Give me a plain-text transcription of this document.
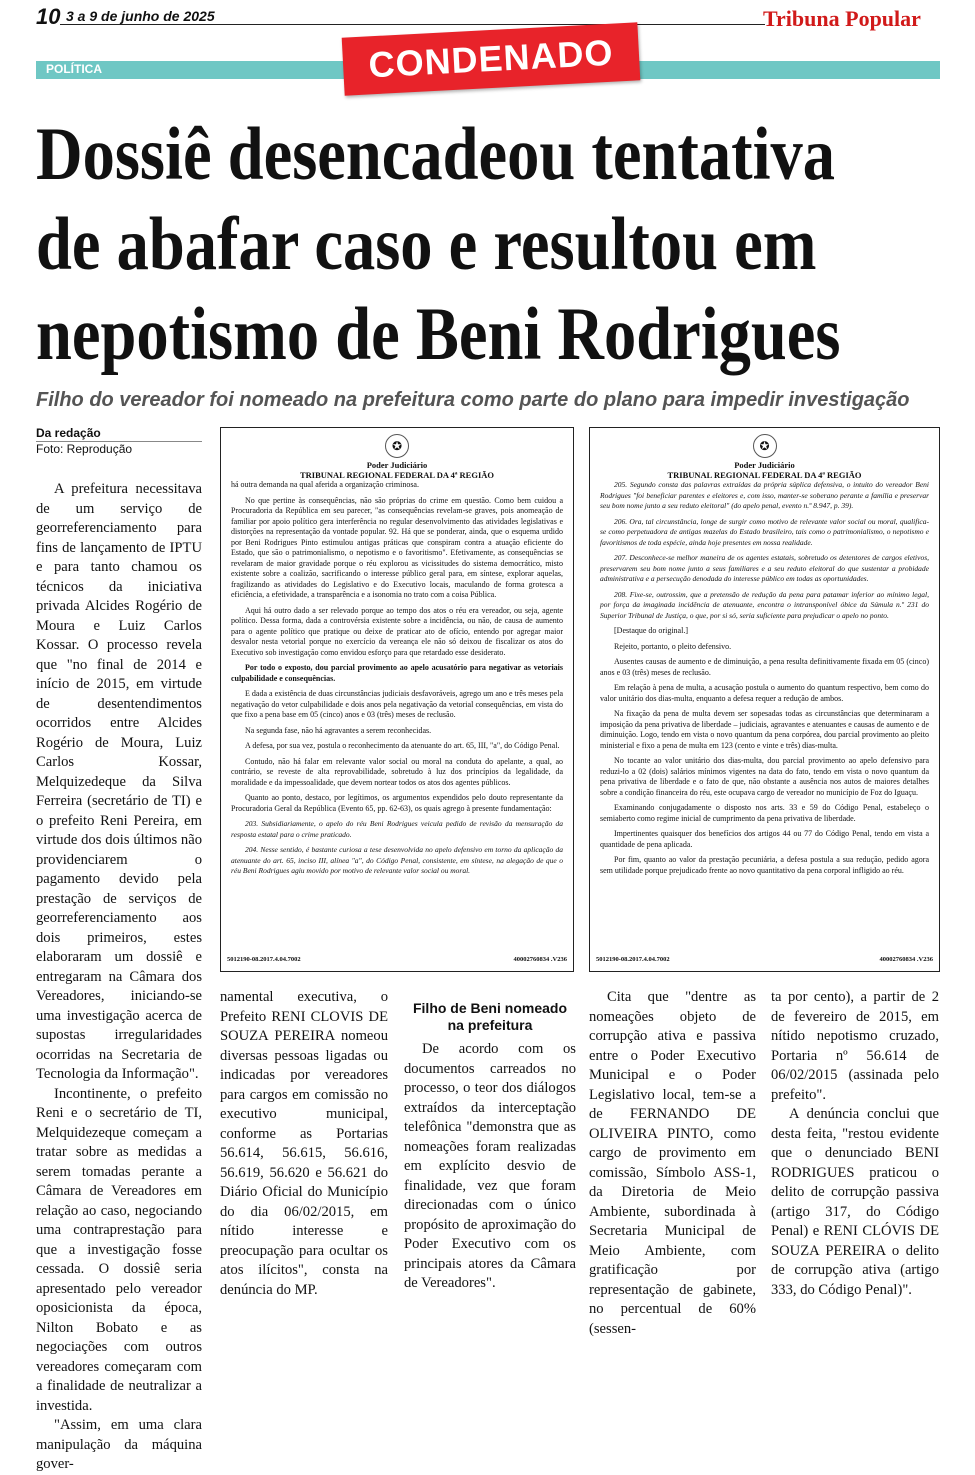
10 3 a 9 de junho de 2025	Tribuna Popular
POLÍTICA	CONDENADO
Dossiê desencadeou tentativa
de abafar caso e resultou em
nepotismo de Beni Rodrigues
Filho do vereador foi nomeado na prefeitura como parte do plano para impedir investigação
Da redação
Foto: Reprodução

A prefeitura necessitava de um serviço de georreferenciamento para fins de lançamento de IPTU e para tanto chamou os técnicos da iniciativa privada Alcides Rogério de Moura e Luiz Carlos Kossar. O processo revela que "no final de 2014 e início de 2015, em virtude de desentendimentos ocorridos entre Alcides Rogério de Moura, Luiz Carlos Kossar, Melquizedeque da Silva Ferreira (secretário de TI) e o prefeito Reni Pereira, em virtude dos dois últimos não providenciarem o pagamento devido pela prestação de serviços de georreferenciamento aos dois primeiros, estes elaboraram um dossiê e entregaram na Câmara dos Vereadores, iniciando-se uma investigação acerca de supostas irregularidades ocorridas na Secretaria de Tecnologia da Informação".

Incontinente, o prefeito Reni e o secretário de TI, Melquidezeque começam a tratar sobre as medidas a serem tomadas perante a Câmara de Vereadores em relação ao caso, negociando uma contraprestação para que a investigação fosse cessada. O dossiê seria apresentado pelo vereador oposicionista da época, Nilton Bobato e as negociações com outros vereadores começaram com a finalidade de neutralizar a investida.

"Assim, em uma clara manipulação da máquina gover-

✪
Poder Judiciário
TRIBUNAL REGIONAL FEDERAL DA 4ª REGIÃO

há outra demanda na qual aferida a organização criminosa.

No que pertine às consequências, não são próprias do crime em questão. Como bem cuidou a Procuradoria da República em seu parecer, "as consequências revelam-se graves, pois anomeação de familiar por apoio político gera interferência no regular desenvolvimento das atividades legislativas e distorções na representação da vontade popular. 92. Há que se ponderar, ainda, que o esquema urdido por Beni Rodrigues Pinto estimulou antigas práticas que conspiram contra a atuação eficiente do Estado, que são o patrimonialismo, o nepotismo e o favoritismo". Efetivamente, as consequências se revelaram de maior gravidade porque o réu explorou as vicissitudes do sistema democrático, misto existente sobre a coalizão, sacrificando o interesse público geral para, em síntese, explorar aquelas, fragilizando as atividades do Legislativo e do Executivo locais, maculando de forma grotesca a eficiência, a efetividade, a transparência e a isonomia no trato com a coisa Pública.

Aqui há outro dado a ser relevado porque ao tempo dos atos o réu era vereador, ou seja, agente político. Dessa forma, dada a controvérsia existente sobre a incidência, ou não, de causa de aumento para o agente político que pratique ou deixe de praticar ato de ofício, entendo por agregar maior desvalor nesta vetorial porque no exercício da vereança ele não só deixou de fiscalizar os atos do Executivo sob investigação como envidou esforço para que retardado esse desiderato.

Por todo o exposto, dou parcial provimento ao apelo acusatório para negativar as vetoriais culpabilidade e consequências.

E dada a existência de duas circunstâncias judiciais desfavoráveis, agrego um ano e três meses pela negativação do vetor culpabilidade e dois anos pela negativação da vetorial consequências, em vista do que fixo a pena base em 05 (cinco) anos e 03 (três) meses de reclusão.

Na segunda fase, não há agravantes a serem reconhecidas.

A defesa, por sua vez, postula o reconhecimento da atenuante do art. 65, III, "a", do Código Penal.

Contudo, não há falar em relevante valor social ou moral na conduta do apelante, a qual, ao contrário, se reveste de alta reprovabilidade, sobretudo à luz dos princípios da legalidade, da moralidade e da impessoalidade, que devem nortear todos os atos dos agentes públicos.

Quanto ao ponto, destaco, por legítimos, os argumentos expendidos pelo douto representante da Procuradoria Geral da República (Evento 65, pp. 62-63), os quais agrego à presente fundamentação:

203. Subsidiariamente, o apelo do réu Beni Rodrigues veicula pedido de revisão da mensuração da resposta estatal para o crime praticado.

204. Nesse sentido, é bastante curiosa a tese desenvolvida no apelo defensivo em torno da aplicação da atenuante do art. 65, inciso III, alínea "a", do Código Penal, consistente, em síntese, na alegação de que o réu Beni Rodrigues agiu movido por motivo de relevante valor social ou moral.

5012190-08.2017.4.04.7002	40002760834 .V236
✪
Poder Judiciário
TRIBUNAL REGIONAL FEDERAL DA 4ª REGIÃO

205. Segundo consta das palavras extraídas da própria súplica defensiva, o intuito do vereador Beni Rodrigues "foi beneficiar parentes e eleitores e, com isso, manter-se soberano perante a família e preservar seu bom nome junto a seu reduto eleitoral" (do apelo penal, evento n.º 8.947, p. 39).

206. Ora, tal circunstância, longe de surgir como motivo de relevante valor social ou moral, qualifica-se como perpetuadora de antigas mazelas do Estado brasileiro, tais como o patrimonialismo, o nepotismo e favoritismos de toda espécie, ainda hoje presentes em nossa realidade.

207. Desconhece-se melhor maneira de os agentes estatais, sobretudo os detentores de cargos eletivos, preservarem seu bom nome junto a seus familiares e a seu reduto eleitoral do que sustentar a probidade administrativa e a persecução denodada do interesse público em todas as oportunidades.

208. Fixe-se, outrossim, que a pretensão de redução da pena para patamar inferior ao mínimo legal, por força da imaginada incidência de atenuante, encontra o intransponível óbice da Súmula n.º 231 do Superior Tribunal de Justiça, o que, por si só, seria suficiente para prejudicar o apelo no ponto.

[Destaque do original.]

Rejeito, portanto, o pleito defensivo.

Ausentes causas de aumento e de diminuição, a pena resulta definitivamente fixada em 05 (cinco) anos e 03 (três) meses de reclusão.

Em relação à pena de multa, a acusação postula o aumento do quantum respectivo, bem como do valor unitário dos dias-multa, enquanto a defesa requer a redução de ambos.

Na fixação da pena de multa devem ser sopesadas todas as circunstâncias que determinaram a imposição da pena privativa de liberdade – judiciais, agravantes e atenuantes e causas de aumento e de diminuição. Logo, tendo em vista o novo quantum da pena corpórea, dou parcial provimento ao pleito ministerial e fixo a pena de multa em 123 (cento e vinte e três) dias-multa.

No tocante ao valor unitário dos dias-multa, dou parcial provimento ao apelo defensivo para reduzi-lo a 02 (dois) salários mínimos vigentes na data do fato, tendo em vista o novo quantum da pena privativa de liberdade e o fato de que, não obstante a ausência nos autos de maiores detalhes sobre a condição financeira do réu, este ocupava cargo de vereador no município de Foz do Iguaçu.

Examinando conjugadamente o disposto nos arts. 33 e 59 do Código Penal, estabeleço o semiaberto como regime inicial de cumprimento da pena privativa de liberdade.

Impertinentes quaisquer dos benefícios dos artigos 44 ou 77 do Código Penal, tendo em vista a quantidade de pena aplicada.

Por fim, quanto ao valor da prestação pecuniária, a defesa postula a sua redução, pedido agora sem utilidade porque prejudicado frente ao novo quantitativo da pena corporal infligido ao réu.

5012190-08.2017.4.04.7002	40002760834 .V236

namental executiva, o Prefeito RENI CLOVIS DE SOUZA PEREIRA nomeou diversas pessoas ligadas ou indicadas por vereadores para cargos em comissão no executivo municipal, conforme as Portarias 56.614, 56.615, 56.616, 56.619, 56.620 e 56.621 do Diário Oficial do Município do dia 06/02/2015, em nítido interesse e preocupação para ocultar os atos ilícitos", consta na denúncia do MP.

Filho de Beni nomeado
na prefeitura

De acordo com os documentos carreados no processo, o teor dos diálogos extraídos da interceptação telefônica "demonstra que as nomeações foram realizadas em explícito desvio de finalidade, vez que foram direcionadas com o único propósito de aproximação do Poder Executivo com os principais atores da Câmara de Vereadores".

Cita que "dentre as nomeações objeto de corrupção ativa e passiva entre o Poder Executivo Municipal e o Poder Legislativo local, tem-se a de FERNANDO DE OLIVEIRA PINTO, como cargo de provimento em comissão, Símbolo ASS-1, da Diretoria de Meio Ambiente, subordinada à Secretaria Municipal de Meio Ambiente, com gratificação por representação de gabinete, no percentual de 60% (sessen-

ta por cento), a partir de 2 de fevereiro de 2015, em nítido nepotismo cruzado, Portaria nº 56.614 de 06/02/2015 (assinada pelo prefeito".

A denúncia conclui que desta feita, "restou evidente que o denunciado BENI RODRIGUES praticou o delito de corrupção passiva (artigo 317, do Código Penal) e RENI CLÓVIS DE SOUZA PEREIRA o delito de corrupção ativa (artigo 333, do Código Penal)".
